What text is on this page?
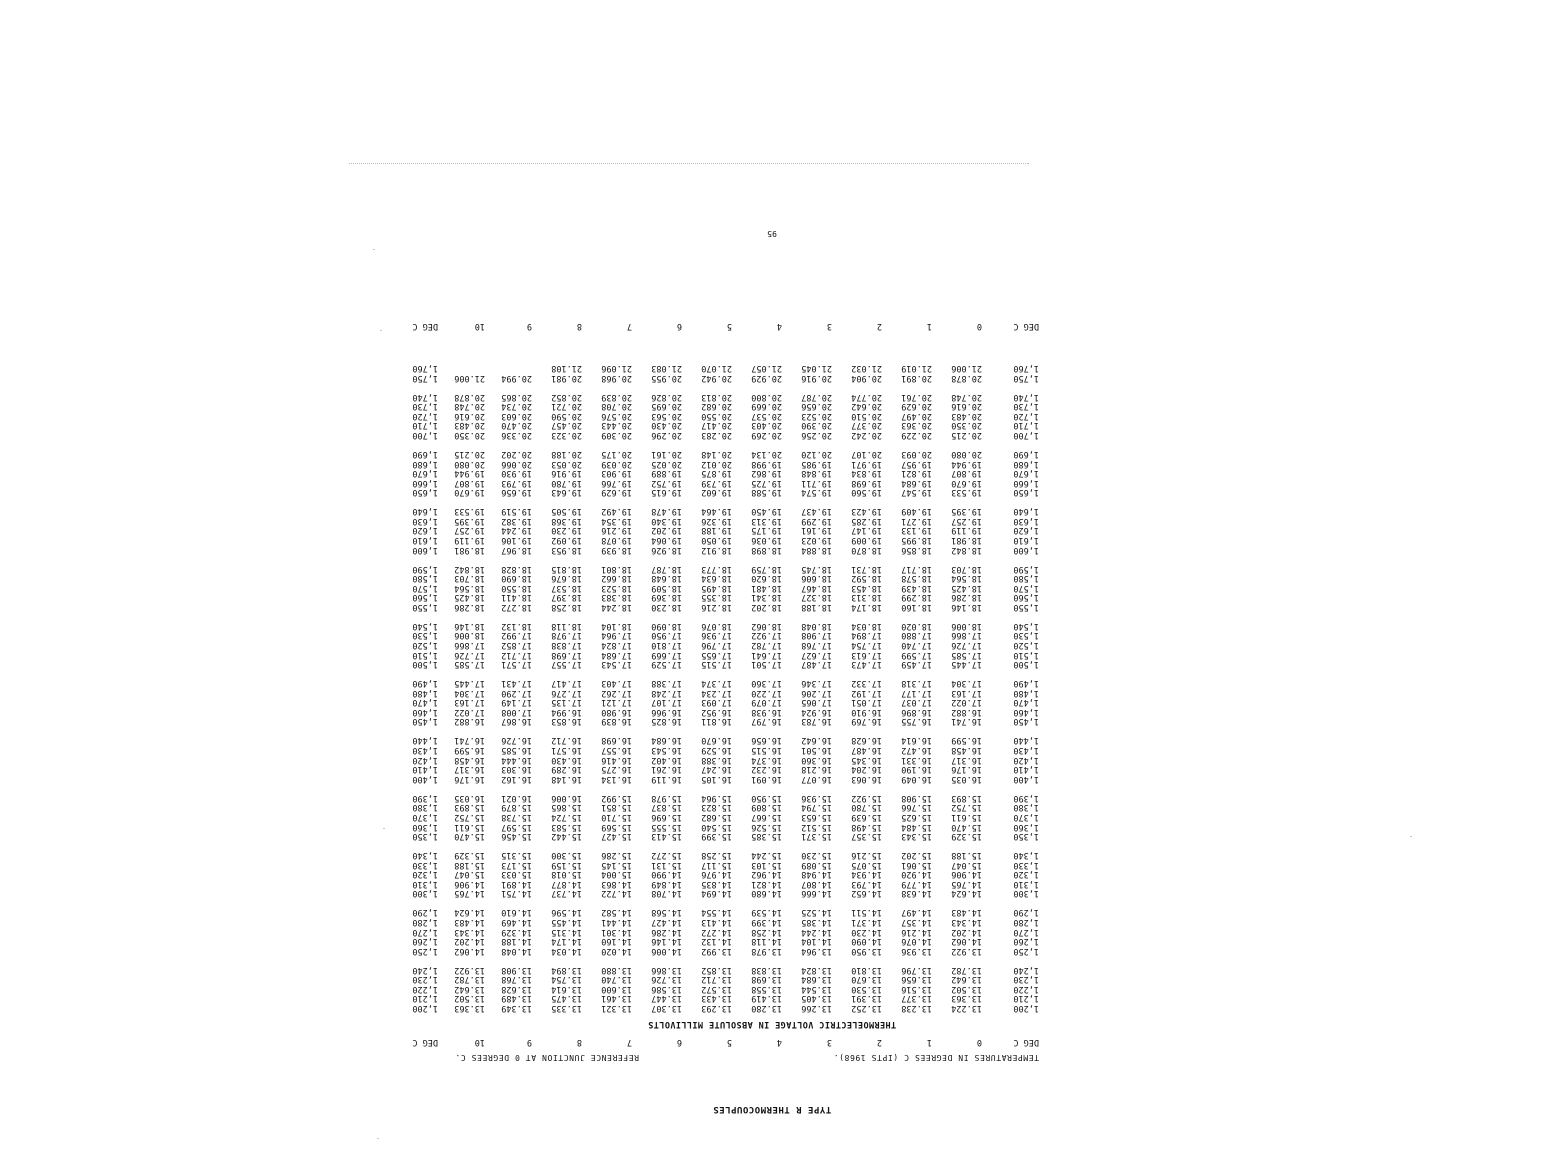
TYPE R THERMOCOUPLES
TEMPERATURES IN DEGREES C (IPTS 1968).
REFERENCE JUNCTION AT 0 DEGREES C.
DEG C
0
1
2
3
4
5
6
7
8
9
10
DEG C
THERMOELECTRIC VOLTAGE IN ABSOLUTE MILLIVOLTS
1,200
13.224
13.238
13.252
13.266
13.280
13.293
13.307
13.321
13.335
13.349
13.363
1,200
1,210
13.363
13.377
13.391
13.405
13.419
13.433
13.447
13.461
13.475
13.489
13.502
1,210
1,220
13.502
13.516
13.530
13.544
13.558
13.572
13.586
13.600
13.614
13.628
13.642
1,220
1,230
13.642
13.656
13.670
13.684
13.698
13.712
13.726
13.740
13.754
13.768
13.782
1,230
1,240
13.782
13.796
13.810
13.824
13.838
13.852
13.866
13.880
13.894
13.908
13.922
1,240
1,250
13.922
13.936
13.950
13.964
13.978
13.992
14.006
14.020
14.034
14.048
14.062
1,250
1,260
14.062
14.076
14.090
14.104
14.118
14.132
14.146
14.160
14.174
14.188
14.202
1,260
1,270
14.202
14.216
14.230
14.244
14.258
14.272
14.286
14.301
14.315
14.329
14.343
1,270
1,280
14.343
14.357
14.371
14.385
14.399
14.413
14.427
14.441
14.455
14.469
14.483
1,280
1,290
14.483
14.497
14.511
14.525
14.539
14.554
14.568
14.582
14.596
14.610
14.624
1,290
1,300
14.624
14.638
14.652
14.666
14.680
14.694
14.708
14.722
14.737
14.751
14.765
1,300
1,310
14.765
14.779
14.793
14.807
14.821
14.835
14.849
14.863
14.877
14.891
14.906
1,310
1,320
14.906
14.920
14.934
14.948
14.962
14.976
14.990
15.004
15.018
15.033
15.047
1,320
1,330
15.047
15.061
15.075
15.089
15.103
15.117
15.131
15.145
15.159
15.173
15.188
1,330
1,340
15.188
15.202
15.216
15.230
15.244
15.258
15.272
15.286
15.300
15.315
15.329
1,340
1,350
15.329
15.343
15.357
15.371
15.385
15.399
15.413
15.427
15.442
15.456
15.470
1,350
1,360
15.470
15.484
15.498
15.512
15.526
15.540
15.555
15.569
15.583
15.597
15.611
1,360
1,370
15.611
15.625
15.639
15.653
15.667
15.682
15.696
15.710
15.724
15.738
15.752
1,370
1,380
15.752
15.766
15.780
15.794
15.809
15.823
15.837
15.851
15.865
15.879
15.893
1,380
1,390
15.893
15.908
15.922
15.936
15.950
15.964
15.978
15.992
16.006
16.021
16.035
1,390
1,400
16.035
16.049
16.063
16.077
16.091
16.105
16.119
16.134
16.148
16.162
16.176
1,400
1,410
16.176
16.190
16.204
16.218
16.232
16.247
16.261
16.275
16.289
16.303
16.317
1,410
1,420
16.317
16.331
16.345
16.360
16.374
16.388
16.402
16.416
16.430
16.444
16.458
1,420
1,430
16.458
16.472
16.487
16.501
16.515
16.529
16.543
16.557
16.571
16.585
16.599
1,430
1,440
16.599
16.614
16.628
16.642
16.656
16.670
16.684
16.698
16.712
16.726
16.741
1,440
1,450
16.741
16.755
16.769
16.783
16.797
16.811
16.825
16.839
16.853
16.867
16.882
1,450
1,460
16.882
16.896
16.910
16.924
16.938
16.952
16.966
16.980
16.994
17.008
17.022
1,460
1,470
17.022
17.037
17.051
17.065
17.079
17.093
17.107
17.121
17.135
17.149
17.163
1,470
1,480
17.163
17.177
17.192
17.206
17.220
17.234
17.248
17.262
17.276
17.290
17.304
1,480
1,490
17.304
17.318
17.332
17.346
17.360
17.374
17.388
17.403
17.417
17.431
17.445
1,490
1,500
17.445
17.459
17.473
17.487
17.501
17.515
17.529
17.543
17.557
17.571
17.585
1,500
1,510
17.585
17.599
17.613
17.627
17.641
17.655
17.669
17.684
17.698
17.712
17.726
1,510
1,520
17.726
17.740
17.754
17.768
17.782
17.796
17.810
17.824
17.838
17.852
17.866
1,520
1,530
17.866
17.880
17.894
17.908
17.922
17.936
17.950
17.964
17.978
17.992
18.006
1,530
1,540
18.006
18.020
18.034
18.048
18.062
18.076
18.090
18.104
18.118
18.132
18.146
1,540
1,550
18.146
18.160
18.174
18.188
18.202
18.216
18.230
18.244
18.258
18.272
18.286
1,550
1,560
18.286
18.299
18.313
18.327
18.341
18.355
18.369
18.383
18.397
18.411
18.425
1,560
1,570
18.425
18.439
18.453
18.467
18.481
18.495
18.509
18.523
18.537
18.550
18.564
1,570
1,580
18.564
18.578
18.592
18.606
18.620
18.634
18.648
18.662
18.676
18.690
18.703
1,580
1,590
18.703
18.717
18.731
18.745
18.759
18.773
18.787
18.801
18.815
18.828
18.842
1,590
1,600
18.842
18.856
18.870
18.884
18.898
18.912
18.926
18.939
18.953
18.967
18.981
1,600
1,610
18.981
18.995
19.009
19.023
19.036
19.050
19.064
19.078
19.092
19.106
19.119
1,610
1,620
19.119
19.133
19.147
19.161
19.175
19.188
19.202
19.216
19.230
19.244
19.257
1,620
1,630
19.257
19.271
19.285
19.299
19.313
19.326
19.340
19.354
19.368
19.382
19.395
1,630
1,640
19.395
19.409
19.423
19.437
19.450
19.464
19.478
19.492
19.505
19.519
19.533
1,640
1,650
19.533
19.547
19.560
19.574
19.588
19.602
19.615
19.629
19.643
19.656
19.670
1,650
1,660
19.670
19.684
19.698
19.711
19.725
19.739
19.752
19.766
19.780
19.793
19.807
1,660
1,670
19.807
19.821
19.834
19.848
19.862
19.875
19.889
19.903
19.916
19.930
19.944
1,670
1,680
19.944
19.957
19.971
19.985
19.998
20.012
20.025
20.039
20.053
20.066
20.080
1,680
1,690
20.080
20.093
20.107
20.120
20.134
20.148
20.161
20.175
20.188
20.202
20.215
1,690
1,700
20.215
20.229
20.242
20.256
20.269
20.283
20.296
20.309
20.323
20.336
20.350
1,700
1,710
20.350
20.363
20.377
20.390
20.403
20.417
20.430
20.443
20.457
20.470
20.483
1,710
1,720
20.483
20.497
20.510
20.523
20.537
20.550
20.563
20.576
20.590
20.603
20.616
1,720
1,730
20.616
20.629
20.642
20.656
20.669
20.682
20.695
20.708
20.721
20.734
20.748
1,730
1,740
20.748
20.761
20.774
20.787
20.800
20.813
20.826
20.839
20.852
20.865
20.878
1,740
1,750
20.878
20.891
20.904
20.916
20.929
20.942
20.955
20.968
20.981
20.994
21.006
1,750
1,760
21.006
21.019
21.032
21.045
21.057
21.070
21.083
21.096
21.108
1,760
DEG C
0
1
2
3
4
5
6
7
8
9
10
DEG C
95
